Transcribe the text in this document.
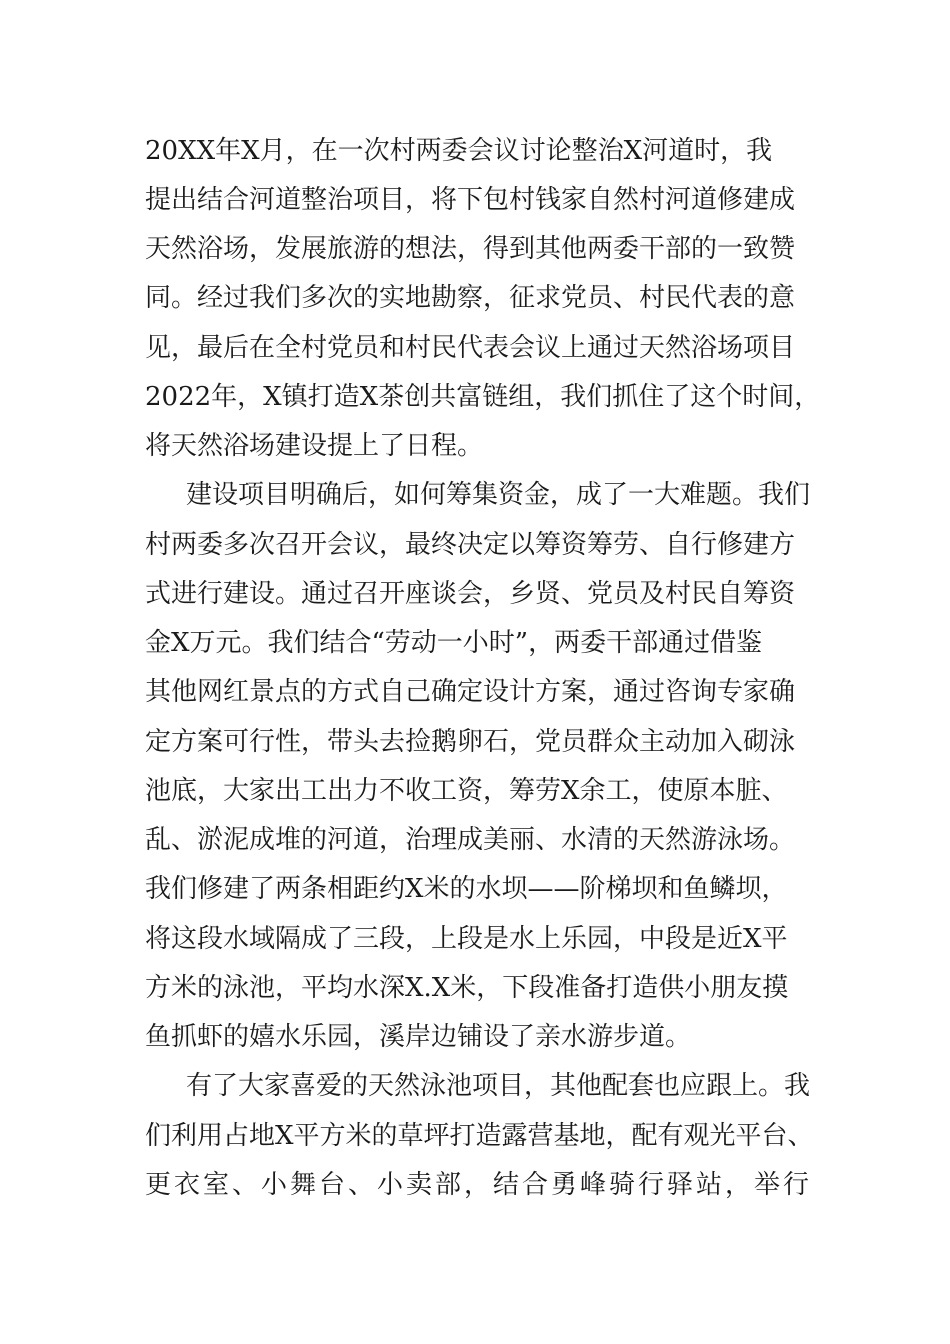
20XX年X月，在一次村两委会议讨论整治X河道时，我
提出结合河道整治项目，将下包村钱家自然村河道修建成
天然浴场，发展旅游的想法，得到其他两委干部的一致赞
同。经过我们多次的实地勘察，征求党员、村民代表的意
见，最后在全村党员和村民代表会议上通过天然浴场项目
2022年，X镇打造X茶创共富链组，我们抓住了这个时间，
将天然浴场建设提上了日程。
建设项目明确后，如何筹集资金，成了一大难题。我们
村两委多次召开会议，最终决定以筹资筹劳、自行修建方
式进行建设。通过召开座谈会，乡贤、党员及村民自筹资
金X万元。我们结合“劳动一小时”，两委干部通过借鉴
其他网红景点的方式自己确定设计方案，通过咨询专家确
定方案可行性，带头去捡鹅卵石，党员群众主动加入砌泳
池底，大家出工出力不收工资，筹劳X余工，使原本脏、
乱、淤泥成堆的河道，治理成美丽、水清的天然游泳场。
我们修建了两条相距约X米的水坝——阶梯坝和鱼鳞坝，
将这段水域隔成了三段，上段是水上乐园，中段是近X平
方米的泳池，平均水深X.X米，下段准备打造供小朋友摸
鱼抓虾的嬉水乐园，溪岸边铺设了亲水游步道。
有了大家喜爱的天然泳池项目，其他配套也应跟上。我
们利用占地X平方米的草坪打造露营基地，配有观光平台、
更衣室、小舞台、小卖部，结合勇峰骑行驿站，举行
